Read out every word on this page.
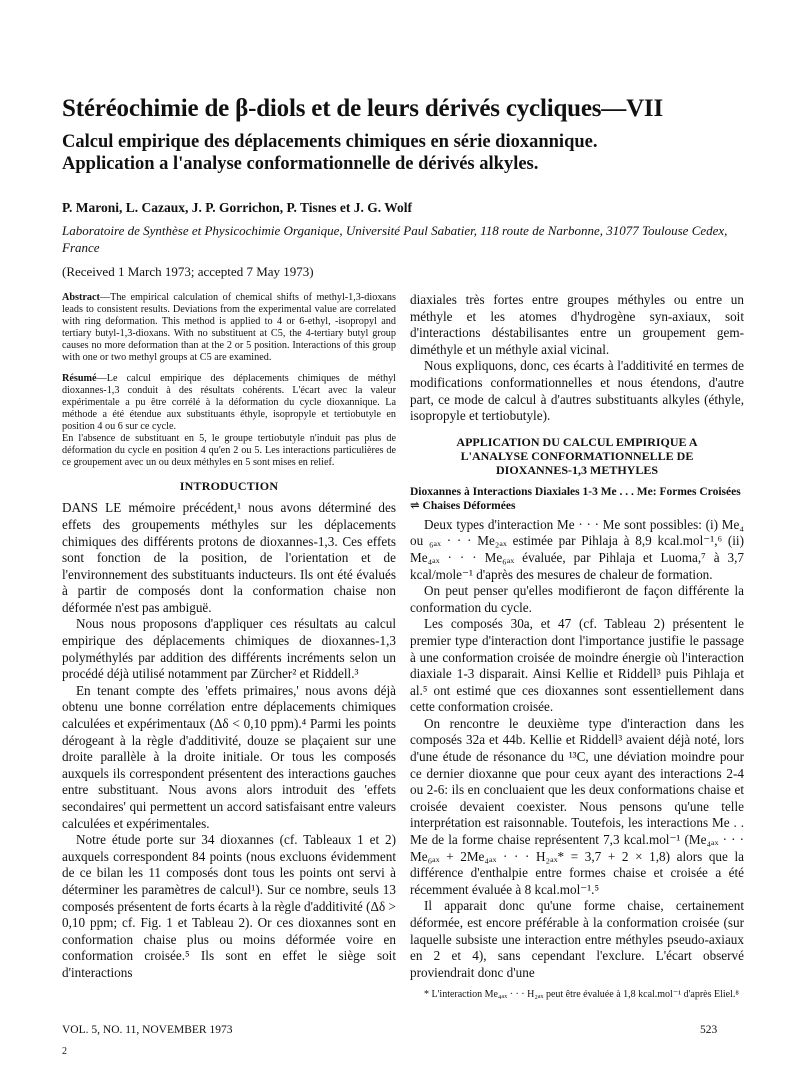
Stéréochimie de β-diols et de leurs dérivés cycliques—VII
Calcul empirique des déplacements chimiques en série dioxannique.
Application a l'analyse conformationnelle de dérivés alkyles.
P. Maroni, L. Cazaux, J. P. Gorrichon, P. Tisnes et J. G. Wolf
Laboratoire de Synthèse et Physicochimie Organique, Université Paul Sabatier, 118 route de Narbonne, 31077 Toulouse Cedex, France
(Received 1 March 1973; accepted 7 May 1973)

Abstract—The empirical calculation of chemical shifts of methyl-1,3-dioxans leads to consistent results. Deviations from the experimental value are correlated with ring deformation. This method is applied to 4 or 6-ethyl, -isopropyl and tertiary butyl-1,3-dioxans. With no substituent at C5, the 4-tertiary butyl group causes no more deformation than at the 2 or 5 position. Interactions of this group with one or two methyl groups at C5 are examined.

Résumé—Le calcul empirique des déplacements chimiques de méthyl dioxannes-1,3 conduit à des résultats cohérents. L'écart avec la valeur expérimentale a pu être corrélé à la déformation du cycle dioxannique. La méthode a été étendue aux substituants éthyle, isopropyle et tertiobutyle en position 4 ou 6 sur ce cycle.
En l'absence de substituant en 5, le groupe tertiobutyle n'induit pas plus de déformation du cycle en position 4 qu'en 2 ou 5. Les interactions particulières de ce groupement avec un ou deux méthyles en 5 sont mises en relief.

INTRODUCTION

DANS LE mémoire précédent,¹ nous avons déterminé des effets des groupements méthyles sur les déplacements chimiques des différents protons de dioxannes-1,3. Ces effets sont fonction de la position, de l'orientation et de l'environnement des substituants inducteurs. Ils ont été évalués à partir de composés dont la conformation chaise non déformée n'est pas ambiguë.

Nous nous proposons d'appliquer ces résultats au calcul empirique des déplacements chimiques de dioxannes-1,3 polyméthylés par addition des différents incréments selon un procédé déjà utilisé notamment par Zürcher² et Riddell.³

En tenant compte des 'effets primaires,' nous avons déjà obtenu une bonne corrélation entre déplacements chimiques calculées et expérimentaux (Δδ < 0,10 ppm).⁴ Parmi les points dérogeant à la règle d'additivité, douze se plaçaient sur une droite parallèle à la droite initiale. Or tous les composés auxquels ils correspondent présentent des interactions gauches entre substituant. Nous avons alors introduit des 'effets secondaires' qui permettent un accord satisfaisant entre valeurs calculées et expérimentales.

Notre étude porte sur 34 dioxannes (cf. Tableaux 1 et 2) auxquels correspondent 84 points (nous excluons évidemment de ce bilan les 11 composés dont tous les points ont servi à déterminer les paramètres de calcul¹). Sur ce nombre, seuls 13 composés présentent de forts écarts à la règle d'additivité (Δδ > 0,10 ppm; cf. Fig. 1 et Tableau 2). Or ces dioxannes sont en conformation chaise plus ou moins déformée voire en conformation croisée.⁵ Ils sont en effet le siège soit d'interactions

diaxiales très fortes entre groupes méthyles ou entre un méthyle et les atomes d'hydrogène syn-axiaux, soit d'interactions déstabilisantes entre un groupement gem-diméthyle et un méthyle axial vicinal.

Nous expliquons, donc, ces écarts à l'additivité en termes de modifications conformationnelles et nous étendons, d'autre part, ce mode de calcul à d'autres substituants alkyles (éthyle, isopropyle et tertiobutyle).

APPLICATION DU CALCUL EMPIRIQUE A
L'ANALYSE CONFORMATIONNELLE DE
DIOXANNES-1,3 METHYLES
Dioxannes à Interactions Diaxiales 1-3 Me . . . Me: Formes Croisées ⇌ Chaises Déformées

Deux types d'interaction Me · · · Me sont possibles: (i) Me₄ ou ₆ₐₓ · · · Me₂ₐₓ estimée par Pihlaja à 8,9 kcal.mol⁻¹,⁶ (ii) Me₄ₐₓ · · · Me₆ₐₓ évaluée, par Pihlaja et Luoma,⁷ à 3,7 kcal/mole⁻¹ d'après des mesures de chaleur de formation.

On peut penser qu'elles modifieront de façon différente la conformation du cycle.

Les composés 30a, et 47 (cf. Tableau 2) présentent le premier type d'interaction dont l'importance justifie le passage à une conformation croisée de moindre énergie où l'interaction diaxiale 1-3 disparait. Ainsi Kellie et Riddell³ puis Pihlaja et al.⁵ ont estimé que ces dioxannes sont essentiellement dans cette conformation croisée.

On rencontre le deuxième type d'interaction dans les composés 32a et 44b. Kellie et Riddell³ avaient déjà noté, lors d'une étude de résonance du ¹³C, une déviation moindre pour ce dernier dioxanne que pour ceux ayant des interactions 2-4 ou 2-6: ils en concluaient que les deux conformations chaise et croisée devaient coexister. Nous pensons qu'une telle interprétation est raisonnable. Toutefois, les interactions Me . . Me de la forme chaise représentent 7,3 kcal.mol⁻¹ (Me₄ₐₓ · · · Me₆ₐₓ + 2Me₄ₐₓ · · · H₂ₐₓ* = 3,7 + 2 × 1,8) alors que la différence d'enthalpie entre formes chaise et croisée a été récemment évaluée à 8 kcal.mol⁻¹.⁵

Il apparait donc qu'une forme chaise, certainement déformée, est encore préférable à la conformation croisée (sur laquelle subsiste une interaction entre méthyles pseudo-axiaux en 2 et 4), sans cependant l'exclure. L'écart observé proviendrait donc d'une

* L'interaction Me₄ₐₓ · · · H₂ₐₓ peut être évaluée à 1,8 kcal.mol⁻¹ d'après Eliel.⁸

VOL. 5, NO. 11, NOVEMBER 1973	523
2
